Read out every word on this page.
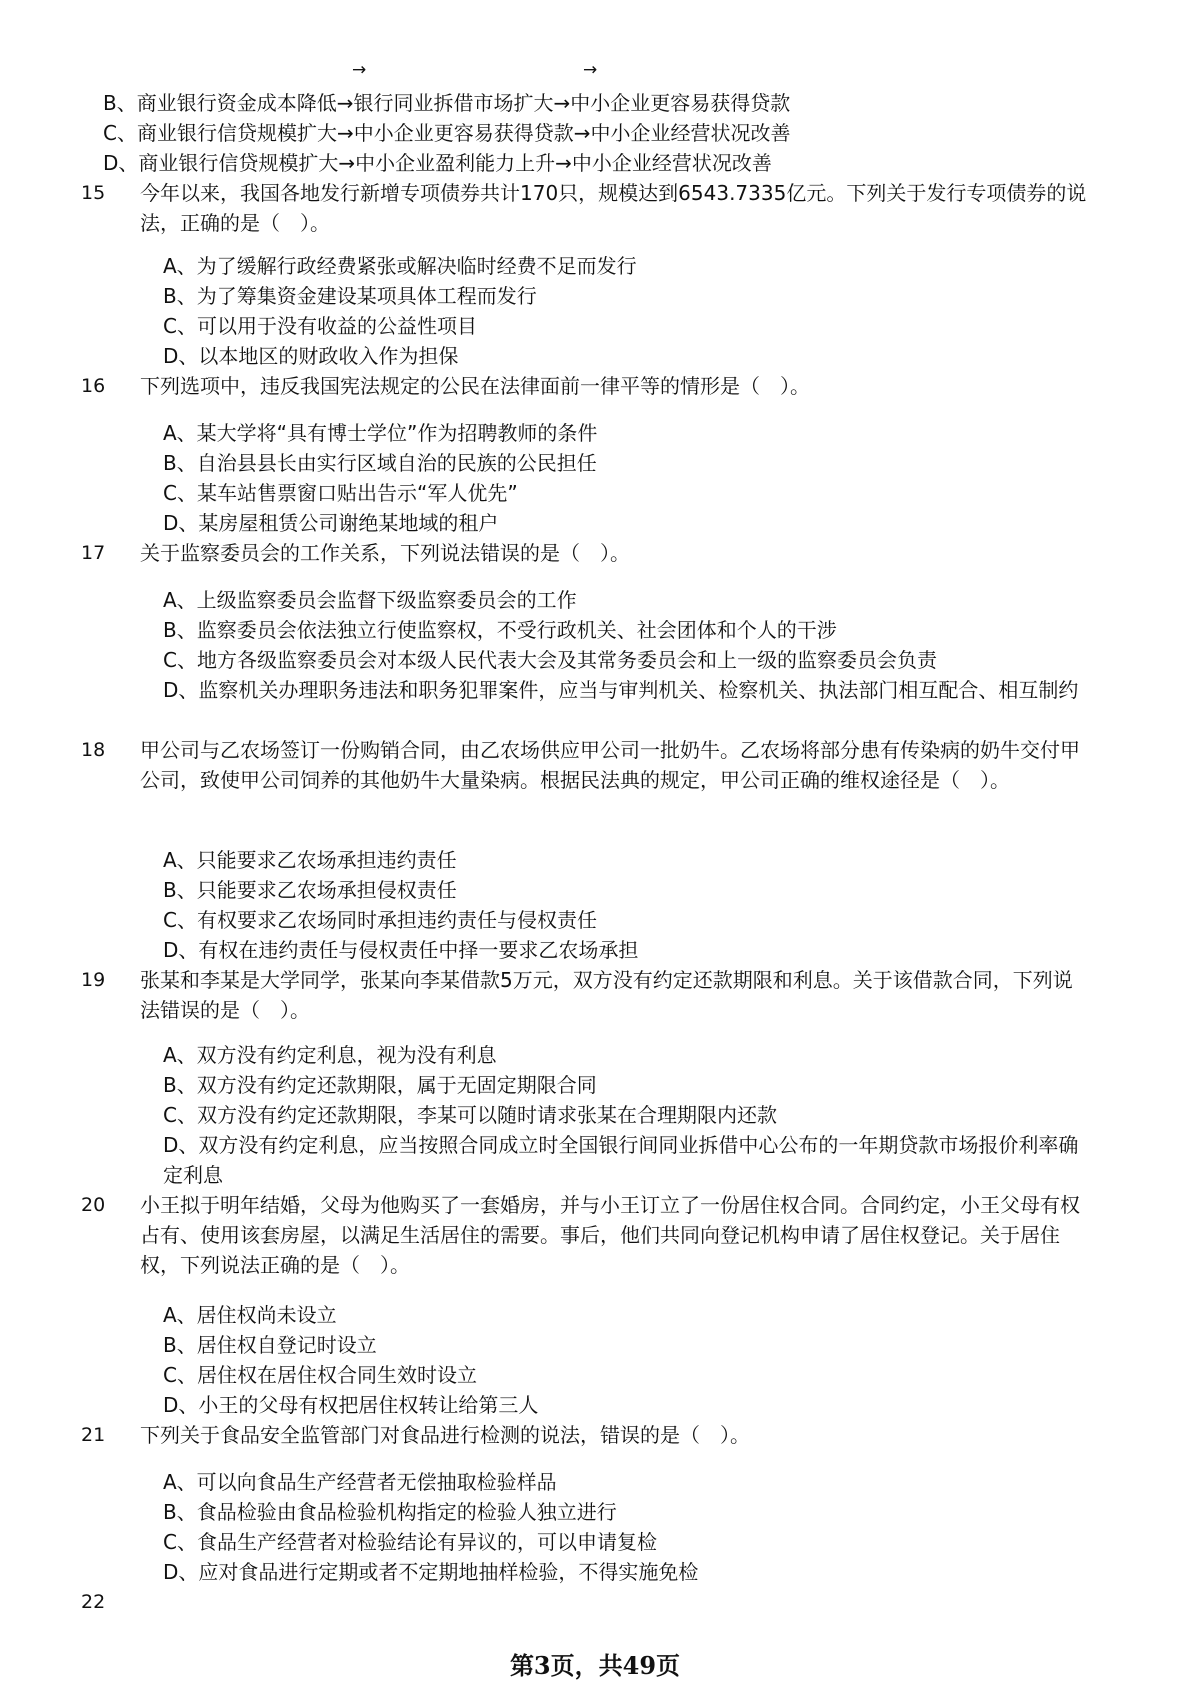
→	→
B、商业银行资金成本降低→银行同业拆借市场扩大→中小企业更容易获得贷款
C、商业银行信贷规模扩大→中小企业更容易获得贷款→中小企业经营状况改善
D、商业银行信贷规模扩大→中小企业盈利能力上升→中小企业经营状况改善
15	今年以来，我国各地发行新增专项债券共计170只，规模达到6543.7335亿元。下列关于发行专项债券的说法，正确的是（　）。
A、为了缓解行政经费紧张或解决临时经费不足而发行
B、为了筹集资金建设某项具体工程而发行
C、可以用于没有收益的公益性项目
D、以本地区的财政收入作为担保
16	下列选项中，违反我国宪法规定的公民在法律面前一律平等的情形是（　）。
A、某大学将“具有博士学位”作为招聘教师的条件
B、自治县县长由实行区域自治的民族的公民担任
C、某车站售票窗口贴出告示“军人优先”
D、某房屋租赁公司谢绝某地域的租户
17	关于监察委员会的工作关系，下列说法错误的是（　）。
A、上级监察委员会监督下级监察委员会的工作
B、监察委员会依法独立行使监察权，不受行政机关、社会团体和个人的干涉
C、地方各级监察委员会对本级人民代表大会及其常务委员会和上一级的监察委员会负责
D、监察机关办理职务违法和职务犯罪案件，应当与审判机关、检察机关、执法部门相互配合、相互制约
18	甲公司与乙农场签订一份购销合同，由乙农场供应甲公司一批奶牛。乙农场将部分患有传染病的奶牛交付甲公司，致使甲公司饲养的其他奶牛大量染病。根据民法典的规定，甲公司正确的维权途径是（　）。
A、只能要求乙农场承担违约责任
B、只能要求乙农场承担侵权责任
C、有权要求乙农场同时承担违约责任与侵权责任
D、有权在违约责任与侵权责任中择一要求乙农场承担
19	张某和李某是大学同学，张某向李某借款5万元，双方没有约定还款期限和利息。关于该借款合同，下列说法错误的是（　）。
A、双方没有约定利息，视为没有利息
B、双方没有约定还款期限，属于无固定期限合同
C、双方没有约定还款期限，李某可以随时请求张某在合理期限内还款
D、双方没有约定利息，应当按照合同成立时全国银行间同业拆借中心公布的一年期贷款市场报价利率确定利息
20	小王拟于明年结婚，父母为他购买了一套婚房，并与小王订立了一份居住权合同。合同约定，小王父母有权占有、使用该套房屋，以满足生活居住的需要。事后，他们共同向登记机构申请了居住权登记。关于居住权，下列说法正确的是（　）。
A、居住权尚未设立
B、居住权自登记时设立
C、居住权在居住权合同生效时设立
D、小王的父母有权把居住权转让给第三人
21	下列关于食品安全监管部门对食品进行检测的说法，错误的是（　）。
A、可以向食品生产经营者无偿抽取检验样品
B、食品检验由食品检验机构指定的检验人独立进行
C、食品生产经营者对检验结论有异议的，可以申请复检
D、应对食品进行定期或者不定期地抽样检验，不得实施免检
22
第3页，共49页
